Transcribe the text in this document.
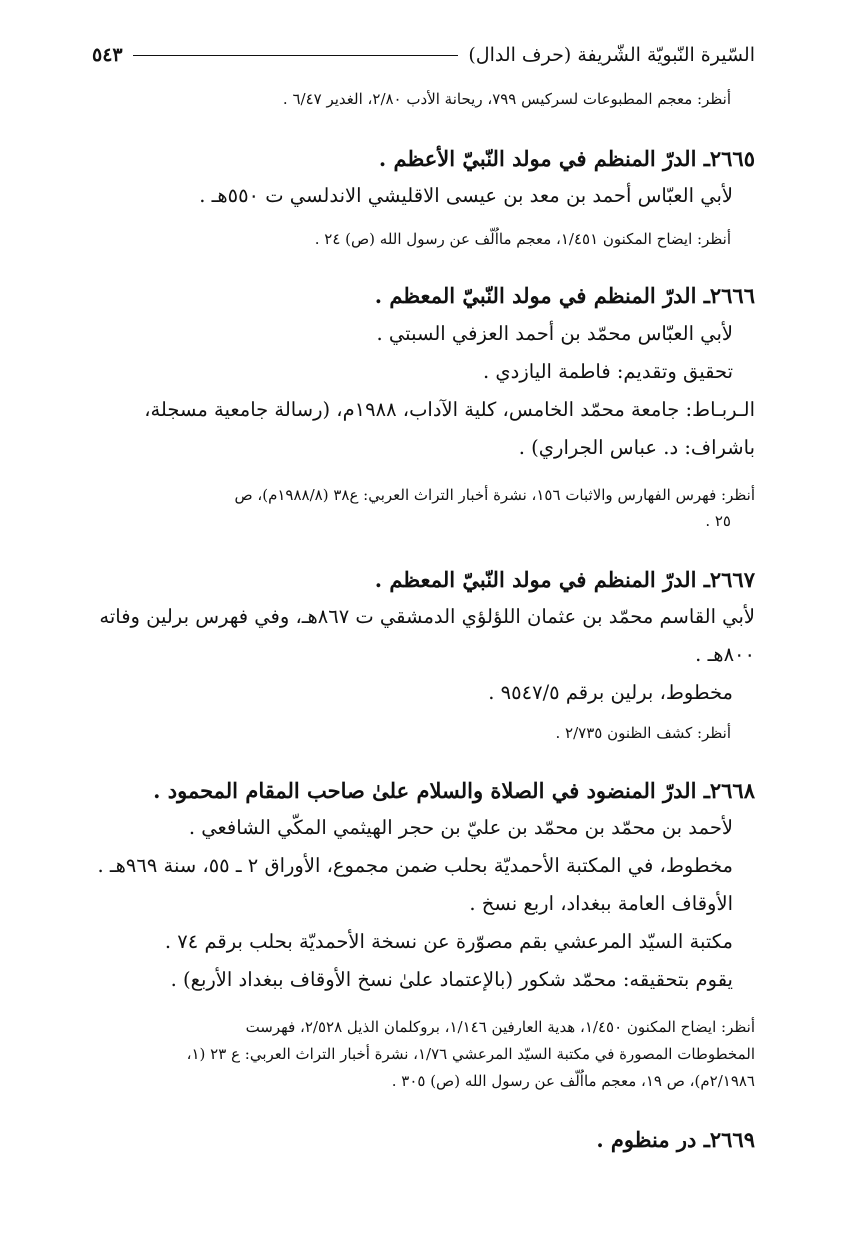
السّيرة النّبويّة الشّريفة (حرف الدال)
٥٤٣
أنظر: معجم المطبوعات لسركيس ٧٩٩، ريحانة الأدب ٢/٨٠، الغدير ٦/٤٧ .
٢٦٦٥ـ الدرّ المنظم في مولد النّبيّ الأعظم .
لأبي العبّاس أحمد بن معد بن عيسى الاقليشي الاندلسي ت ٥٥٠هـ .
أنظر: ايضاح المكنون ١/٤٥١، معجم مااُلّف عن رسول الله (ص) ٢٤ .
٢٦٦٦ـ الدرّ المنظم في مولد النّبيّ المعظم .
لأبي العبّاس محمّد بن أحمد العزفي السبتي .
تحقيق وتقديم: فاطمة اليازدي .
الـربـاط: جامعة محمّد الخامس، كلية الآداب، ١٩٨٨م، (رسالة جامعية مسجلة،
باشراف: د. عباس الجراري) .
أنظر: فهرس الفهارس والاثبات ١٥٦، نشرة أخبار التراث العربي: ع٣٨ (١٩٨٨/٨م)، ص
٢٥ .
٢٦٦٧ـ الدرّ المنظم في مولد النّبيّ المعظم .
لأبي القاسم محمّد بن عثمان اللؤلؤي الدمشقي ت ٨٦٧هـ، وفي فهرس برلين وفاته
٨٠٠هـ .
مخطوط، برلين برقم ٩٥٤٧/٥ .
أنظر: كشف الظنون ٢/٧٣٥ .
٢٦٦٨ـ الدرّ المنضود في الصلاة والسلام علىٰ صاحب المقام المحمود .
لأحمد بن محمّد بن محمّد بن عليّ بن حجر الهيثمي المكّي الشافعي .
مخطوط، في المكتبة الأحمديّة بحلب ضمن مجموع، الأوراق ٢ ـ ٥٥، سنة ٩٦٩هـ .
الأوقاف العامة ببغداد، اربع نسخ .
مكتبة السيّد المرعشي بقم مصوّرة عن نسخة الأحمديّة بحلب برقم ٧٤ .
يقوم بتحقيقه: محمّد شكور (بالإعتماد علىٰ نسخ الأوقاف ببغداد الأربع) .
أنظر: ايضاح المكنون ١/٤٥٠، هدية العارفين ١/١٤٦، بروكلمان الذيل ٢/٥٢٨، فهرست
المخطوطات المصورة في مكتبة السيّد المرعشي ١/٧٦، نشرة أخبار التراث العربي: ع ٢٣ (١،
٢/١٩٨٦م)، ص ١٩، معجم مااُلّف عن رسول الله (ص) ٣٠٥ .
٢٦٦٩ـ در منظوم .
